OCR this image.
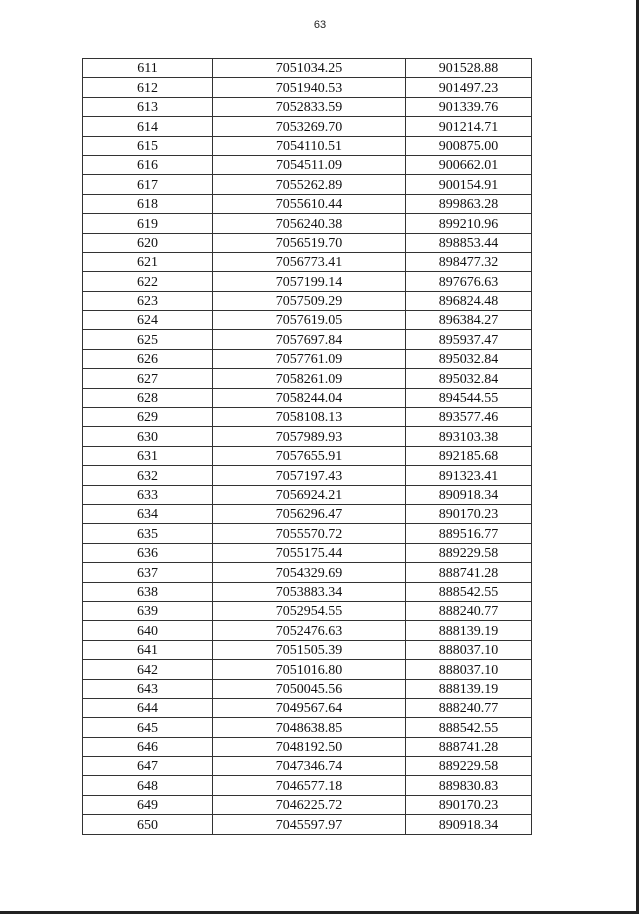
63
611	7051034.25	901528.88
612	7051940.53	901497.23
613	7052833.59	901339.76
614	7053269.70	901214.71
615	7054110.51	900875.00
616	7054511.09	900662.01
617	7055262.89	900154.91
618	7055610.44	899863.28
619	7056240.38	899210.96
620	7056519.70	898853.44
621	7056773.41	898477.32
622	7057199.14	897676.63
623	7057509.29	896824.48
624	7057619.05	896384.27
625	7057697.84	895937.47
626	7057761.09	895032.84
627	7058261.09	895032.84
628	7058244.04	894544.55
629	7058108.13	893577.46
630	7057989.93	893103.38
631	7057655.91	892185.68
632	7057197.43	891323.41
633	7056924.21	890918.34
634	7056296.47	890170.23
635	7055570.72	889516.77
636	7055175.44	889229.58
637	7054329.69	888741.28
638	7053883.34	888542.55
639	7052954.55	888240.77
640	7052476.63	888139.19
641	7051505.39	888037.10
642	7051016.80	888037.10
643	7050045.56	888139.19
644	7049567.64	888240.77
645	7048638.85	888542.55
646	7048192.50	888741.28
647	7047346.74	889229.58
648	7046577.18	889830.83
649	7046225.72	890170.23
650	7045597.97	890918.34
